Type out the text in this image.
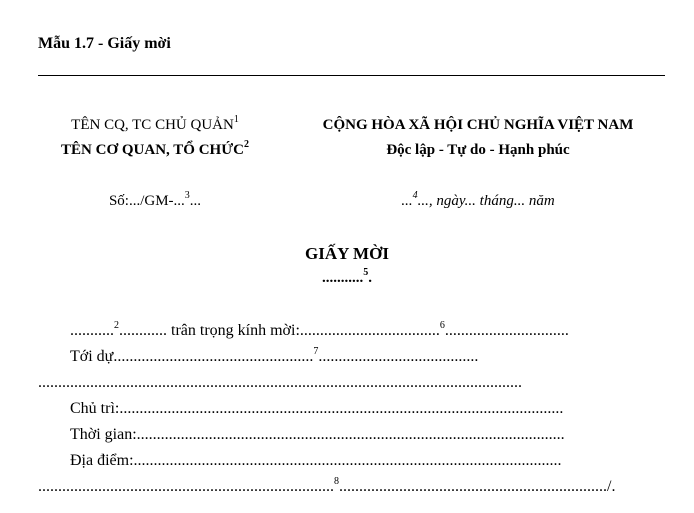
Mẫu 1.7 - Giấy mời
TÊN CQ, TC CHỦ QUẢN$^1$
TÊN CƠ QUAN, TỔ CHỨC$^2$
CỘNG HÒA XÃ HỘI CHỦ NGHĨA VIỆT NAM
Độc lập - Tự do - Hạnh phúc
Số:.../GM-...$^3$...	...$^4$..., ngày... tháng... năm
GIẤY MỜI
...........$^5$.
...........$^2$............ trân trọng kính mời:...................................$^6$...............................
Tới dự..................................................$^7$........................................
.........................................................................................................................
Chủ trì:...............................................................................................................
Thời gian:...........................................................................................................
Địa điểm:...........................................................................................................
..........................................................................$^8$.................................................................../.
